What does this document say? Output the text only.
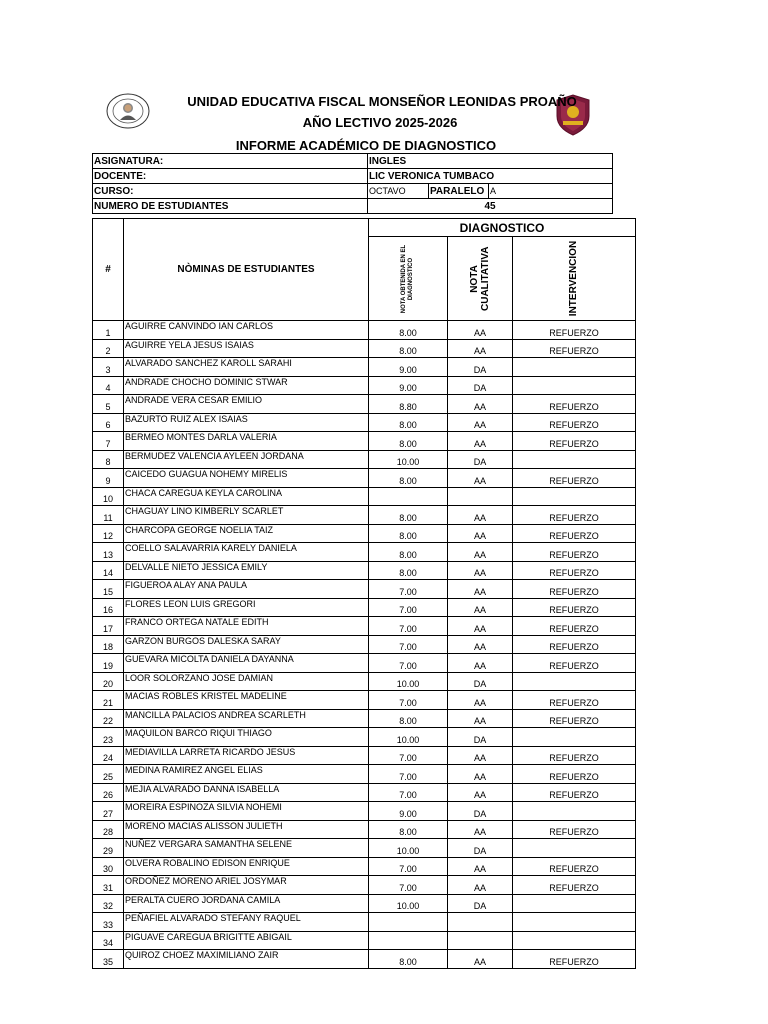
UNIDAD EDUCATIVA FISCAL MONSEÑOR LEONIDAS PROAÑO
AÑO LECTIVO 2025-2026
INFORME ACADÉMICO DE DIAGNOSTICO
ASIGNATURA:	INGLES		
DOCENTE:	LIC VERONICA TUMBACO		
CURSO:	OCTAVO	PARALELO	A
NUMERO DE ESTUDIANTES	45		
#	NÒMINAS DE ESTUDIANTES	DIAGNOSTICO		
		NOTA OBTENIDA EN EL DIAGNOSTICO	NOTA CUALITATIVA	INTERVENCION
1	AGUIRRE CANVINDO IAN CARLOS	8.00	AA	REFUERZO
2	AGUIRRE YELA JESUS ISAIAS	8.00	AA	REFUERZO
3	ALVARADO SANCHEZ KAROLL SARAHI	9.00	DA	
4	ANDRADE CHOCHO DOMINIC STWAR	9.00	DA	
5	ANDRADE VERA CESAR EMILIO	8.80	AA	REFUERZO
6	BAZURTO RUIZ ALEX ISAIAS	8.00	AA	REFUERZO
7	BERMEO MONTES DARLA VALERIA	8.00	AA	REFUERZO
8	BERMUDEZ VALENCIA AYLEEN JORDANA	10.00	DA	
9	CAICEDO GUAGUA NOHEMY MIRELIS	8.00	AA	REFUERZO
10	CHACA CAREGUA KEYLA CAROLINA			
11	CHAGUAY LINO KIMBERLY SCARLET	8.00	AA	REFUERZO
12	CHARCOPA GEORGE NOELIA TAIZ	8.00	AA	REFUERZO
13	COELLO SALAVARRIA KARELY DANIELA	8.00	AA	REFUERZO
14	DELVALLE NIETO JESSICA EMILY	8.00	AA	REFUERZO
15	FIGUEROA ALAY ANA PAULA	7.00	AA	REFUERZO
16	FLORES LEON LUIS GREGORI	7.00	AA	REFUERZO
17	FRANCO ORTEGA NATALE EDITH	7.00	AA	REFUERZO
18	GARZON BURGOS DALESKA SARAY	7.00	AA	REFUERZO
19	GUEVARA MICOLTA DANIELA DAYANNA	7.00	AA	REFUERZO
20	LOOR SOLORZANO JOSE DAMIAN	10.00	DA	
21	MACIAS ROBLES KRISTEL MADELINE	7.00	AA	REFUERZO
22	MANCILLA PALACIOS ANDREA SCARLETH	8.00	AA	REFUERZO
23	MAQUILON BARCO RIQUI THIAGO	10.00	DA	
24	MEDIAVILLA LARRETA RICARDO JESUS	7.00	AA	REFUERZO
25	MEDINA RAMIREZ ANGEL ELIAS	7.00	AA	REFUERZO
26	MEJIA ALVARADO DANNA ISABELLA	7.00	AA	REFUERZO
27	MOREIRA ESPINOZA SILVIA NOHEMI	9.00	DA	
28	MORENO MACIAS ALISSON JULIETH	8.00	AA	REFUERZO
29	NUÑEZ VERGARA SAMANTHA SELENE	10.00	DA	
30	OLVERA ROBALINO EDISON ENRIQUE	7.00	AA	REFUERZO
31	ORDOÑEZ MORENO ARIEL JOSYMAR	7.00	AA	REFUERZO
32	PERALTA CUERO JORDANA CAMILA	10.00	DA	
33	PEÑAFIEL ALVARADO STEFANY RAQUEL			
34	PIGUAVE CAREGUA BRIGITTE ABIGAIL			
35	QUIROZ CHOEZ MAXIMILIANO ZAIR	8.00	AA	REFUERZO
